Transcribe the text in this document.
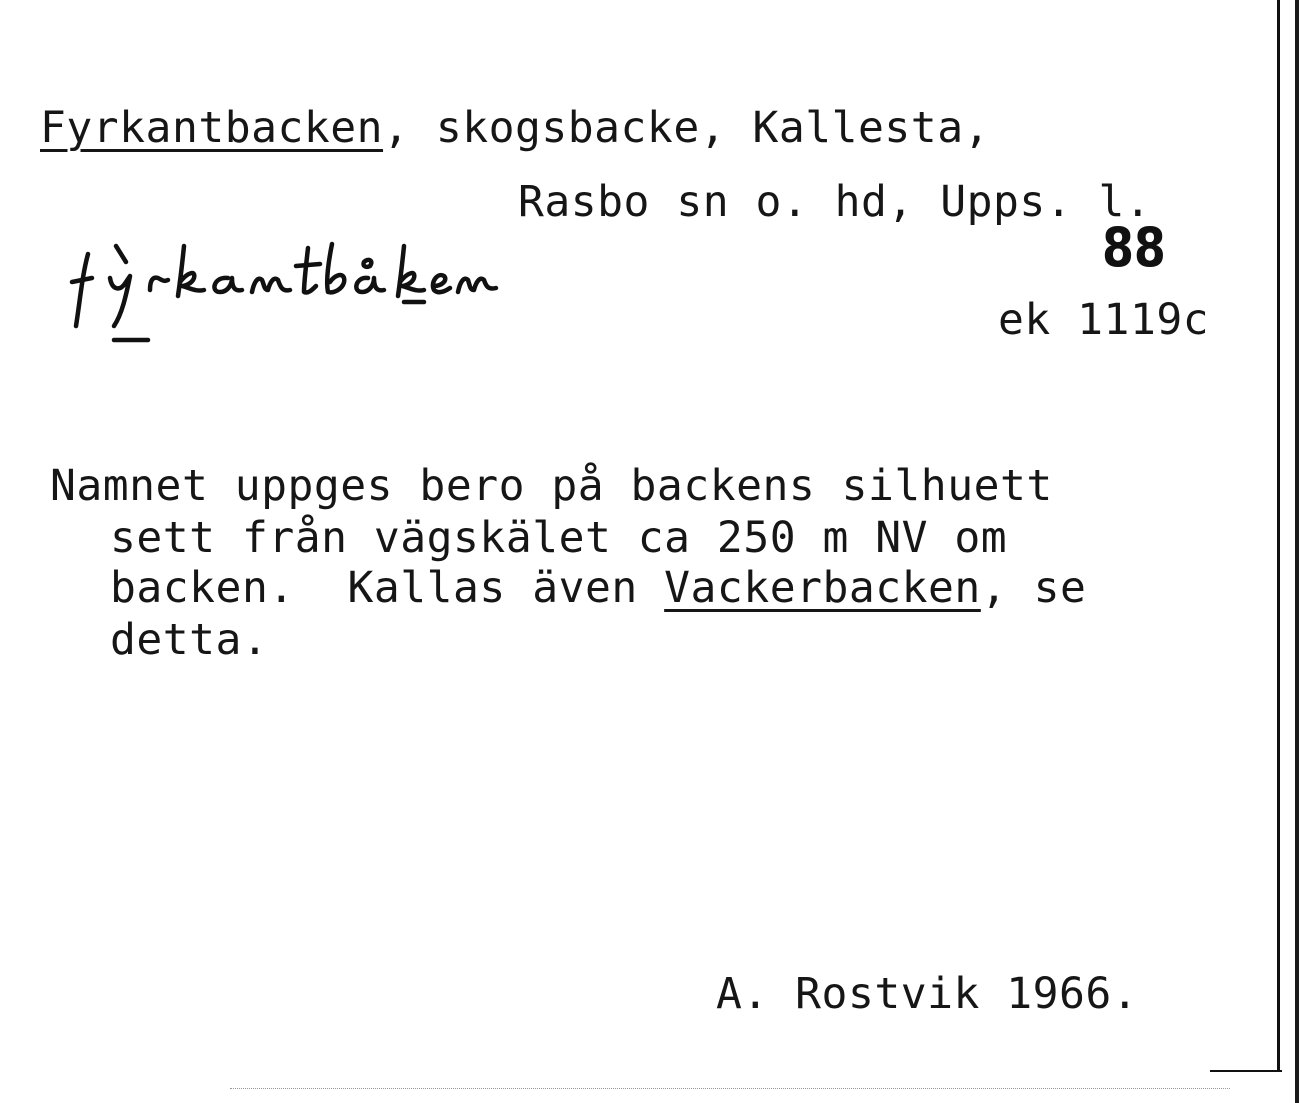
Fyrkantbacken, skogsbacke, Kallesta,
Rasbo sn o. hd, Upps. l.
88
ek 1119c
Namnet uppges bero på backens silhuett
sett från vägskälet ca 250 m NV om
backen.  Kallas även Vackerbacken, se
detta.
A. Rostvik 1966.
